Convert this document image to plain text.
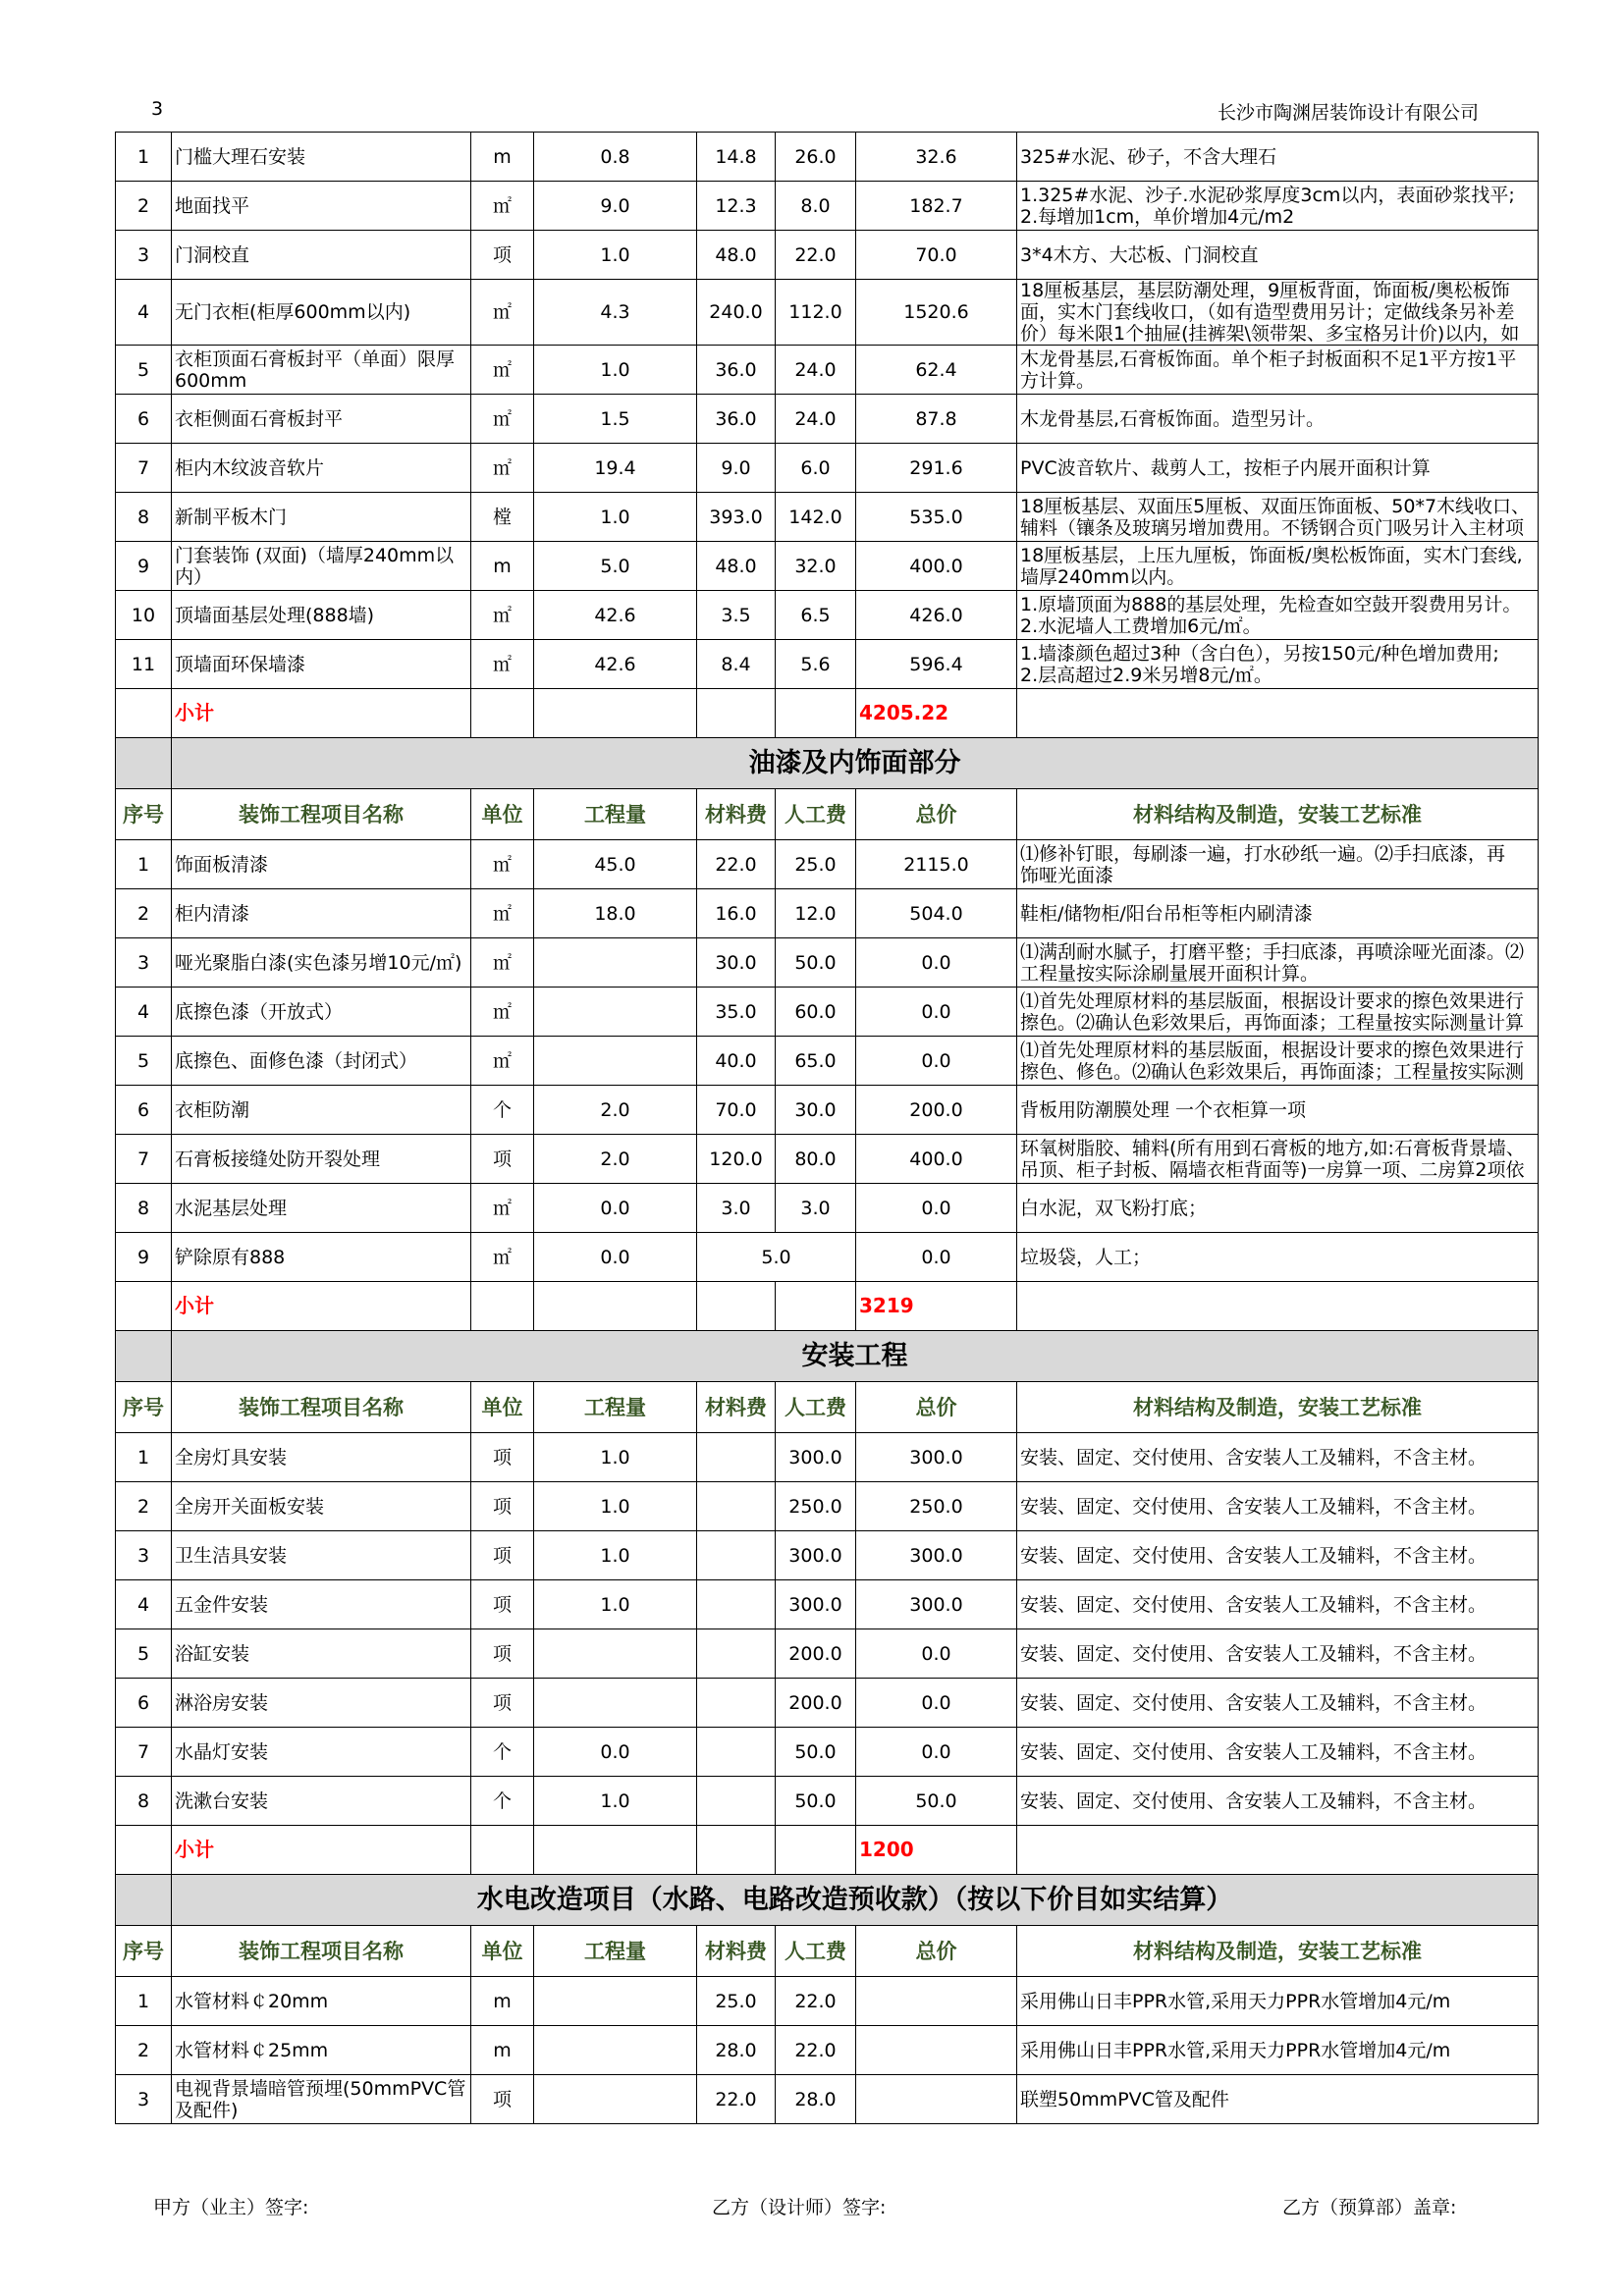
3	长沙市陶渊居装饰设计有限公司
1	门槛大理石安装	m	0.8	14.8	26.0	32.6	325#水泥、砂子，不含大理石

2	地面找平	㎡	9.0	12.3	8.0	182.7	1.325#水泥、沙子.水泥砂浆厚度3cm以内，表面砂浆找平;
2.每增加1cm，单价增加4元/m2

3	门洞校直	项	1.0	48.0	22.0	70.0	3*4木方、大芯板、门洞校直

4	无门衣柜(柜厚600mm以内)	㎡	4.3	240.0	112.0	1520.6	18厘板基层，基层防潮处理，9厘板背面，饰面板/奥松板饰
面，实木门套线收口，（如有造型费用另计；定做线条另补差
价）每米限1个抽屉(挂裤架\领带架、多宝格另计价)以内，如

5	衣柜顶面石膏板封平（单面）限厚600mm	㎡	1.0	36.0	24.0	62.4	木龙骨基层,石膏板饰面。单个柜子封板面积不足1平方按1平
方计算。

6	衣柜侧面石膏板封平	㎡	1.5	36.0	24.0	87.8	木龙骨基层,石膏板饰面。造型另计。

7	柜内木纹波音软片	㎡	19.4	9.0	6.0	291.6	PVC波音软片、裁剪人工，按柜子内展开面积计算

8	新制平板木门	樘	1.0	393.0	142.0	535.0	18厘板基层、双面压5厘板、双面压饰面板、50*7木线收口、
辅料（镶条及玻璃另增加费用。不锈钢合页门吸另计入主材项

9	门套装饰 (双面)（墙厚240mm以内）	m	5.0	48.0	32.0	400.0	18厘板基层，上压九厘板，饰面板/奥松板饰面，实木门套线,
墙厚240mm以内。

10	顶墙面基层处理(888墙)	㎡	42.6	3.5	6.5	426.0	1.原墙顶面为888的基层处理，先检查如空鼓开裂费用另计。
2.水泥墙人工费增加6元/㎡。

11	顶墙面环保墙漆	㎡	42.6	8.4	5.6	596.4	1.墙漆颜色超过3种（含白色），另按150元/种色增加费用;
2.层高超过2.9米另增8元/㎡。

	小计					4205.22	
	油漆及内饰面部分						
序号	装饰工程项目名称	单位	工程量	材料费	人工费	总价	材料结构及制造，安装工艺标准
1	饰面板清漆	㎡	45.0	22.0	25.0	2115.0	⑴修补钉眼，每刷漆一遍，打水砂纸一遍。⑵手扫底漆，再
饰哑光面漆

2	柜内清漆	㎡	18.0	16.0	12.0	504.0	鞋柜/储物柜/阳台吊柜等柜内刷清漆

3	哑光聚脂白漆(实色漆另增10元/㎡)	㎡		30.0	50.0	0.0	⑴满刮耐水腻子，打磨平整；手扫底漆，再喷涂哑光面漆。⑵
工程量按实际涂刷量展开面积计算。

4	底擦色漆（开放式）	㎡		35.0	60.0	0.0	⑴首先处理原材料的基层版面，根据设计要求的擦色效果进行
擦色。⑵确认色彩效果后，再饰面漆；工程量按实际测量计算

5	底擦色、面修色漆（封闭式）	㎡		40.0	65.0	0.0	⑴首先处理原材料的基层版面，根据设计要求的擦色效果进行
擦色、修色。⑵确认色彩效果后，再饰面漆；工程量按实际测

6	衣柜防潮	个	2.0	70.0	30.0	200.0	背板用防潮膜处理 一个衣柜算一项

7	石膏板接缝处防开裂处理	项	2.0	120.0	80.0	400.0	环氧树脂胶、辅料(所有用到石膏板的地方,如:石膏板背景墙、
吊顶、柜子封板、隔墙衣柜背面等)一房算一项、二房算2项依

8	水泥基层处理	㎡	0.0	3.0	3.0	0.0	白水泥，双飞粉打底；

9	铲除原有888	㎡	0.0	5.0		0.0	垃圾袋，人工；

	小计					3219	
	安装工程						
序号	装饰工程项目名称	单位	工程量	材料费	人工费	总价	材料结构及制造，安装工艺标准
1	全房灯具安装	项	1.0		300.0	300.0	安装、固定、交付使用、含安装人工及辅料，不含主材。

2	全房开关面板安装	项	1.0		250.0	250.0	安装、固定、交付使用、含安装人工及辅料，不含主材。

3	卫生洁具安装	项	1.0		300.0	300.0	安装、固定、交付使用、含安装人工及辅料，不含主材。

4	五金件安装	项	1.0		300.0	300.0	安装、固定、交付使用、含安装人工及辅料，不含主材。

5	浴缸安装	项			200.0	0.0	安装、固定、交付使用、含安装人工及辅料，不含主材。

6	淋浴房安装	项			200.0	0.0	安装、固定、交付使用、含安装人工及辅料，不含主材。

7	水晶灯安装	个	0.0		50.0	0.0	安装、固定、交付使用、含安装人工及辅料，不含主材。

8	洗漱台安装	个	1.0		50.0	50.0	安装、固定、交付使用、含安装人工及辅料，不含主材。

	小计					1200	
	水电改造项目（水路、电路改造预收款）（按以下价目如实结算）						
序号	装饰工程项目名称	单位	工程量	材料费	人工费	总价	材料结构及制造，安装工艺标准
1	水管材料￠20mm	m		25.0	22.0		采用佛山日丰PPR水管,采用天力PPR水管增加4元/m

2	水管材料￠25mm	m		28.0	22.0		采用佛山日丰PPR水管,采用天力PPR水管增加4元/m

3	电视背景墙暗管预埋(50mmPVC管及配件)	项		22.0	28.0		联塑50mmPVC管及配件
甲方（业主）签字:	乙方（设计师）签字:	乙方（预算部）盖章:
